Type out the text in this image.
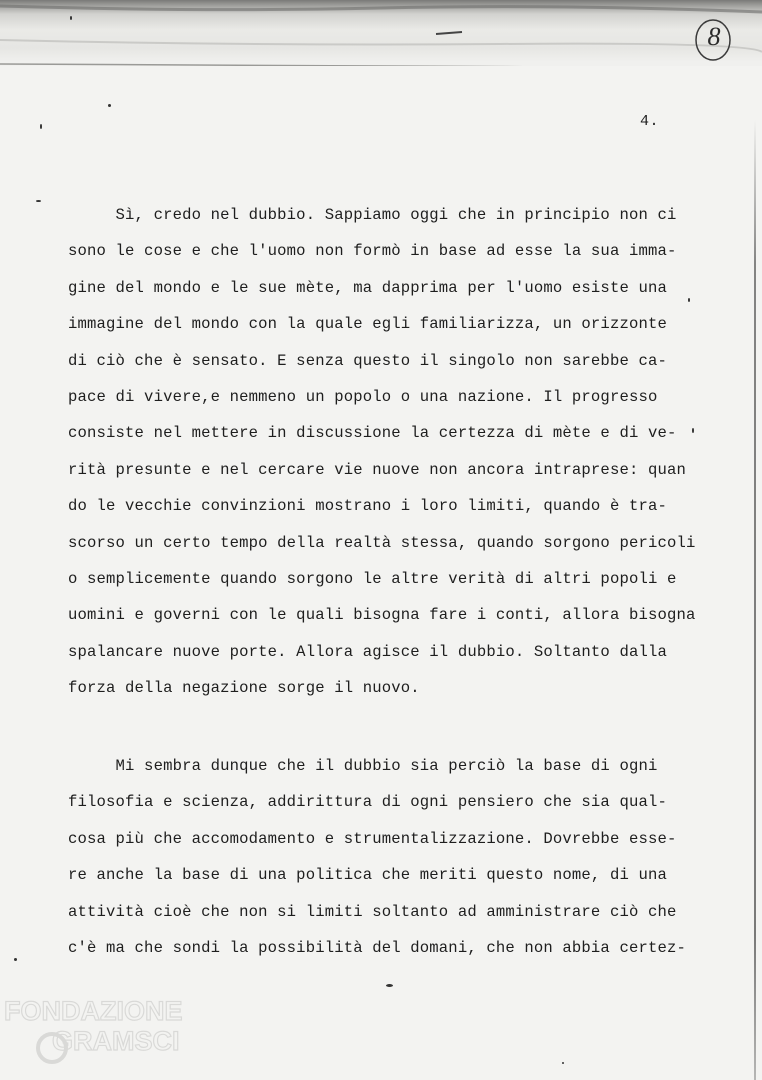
8
4.
Sì, credo nel dubbio. Sappiamo oggi che in principio non ci
sono le cose e che l'uomo non formò in base ad esse la sua imma-
gine del mondo e le sue mète, ma dapprima per l'uomo esiste una
immagine del mondo con la quale egli familiarizza, un orizzonte
di ciò che è sensato. E senza questo il singolo non sarebbe ca-
pace di vivere,e nemmeno un popolo o una nazione. Il progresso
consiste nel mettere in discussione la certezza di mète e di ve-
rità presunte e nel cercare vie nuove non ancora intraprese: quan
do le vecchie convinzioni mostrano i loro limiti, quando è tra-
scorso un certo tempo della realtà stessa, quando sorgono pericoli
o semplicemente quando sorgono le altre verità di altri popoli e
uomini e governi con le quali bisogna fare i conti, allora bisogna
spalancare nuove porte. Allora agisce il dubbio. Soltanto dalla
forza della negazione sorge il nuovo.
Mi sembra dunque che il dubbio sia perciò la base di ogni
filosofia e scienza, addirittura di ogni pensiero che sia qual-
cosa più che accomodamento e strumentalizzazione. Dovrebbe esse-
re anche la base di una politica che meriti questo nome, di una
attività cioè che non si limiti soltanto ad amministrare ciò che
c'è ma che sondi la possibilità del domani, che non abbia certez-
FONDAZIONE
GRAMSCI
